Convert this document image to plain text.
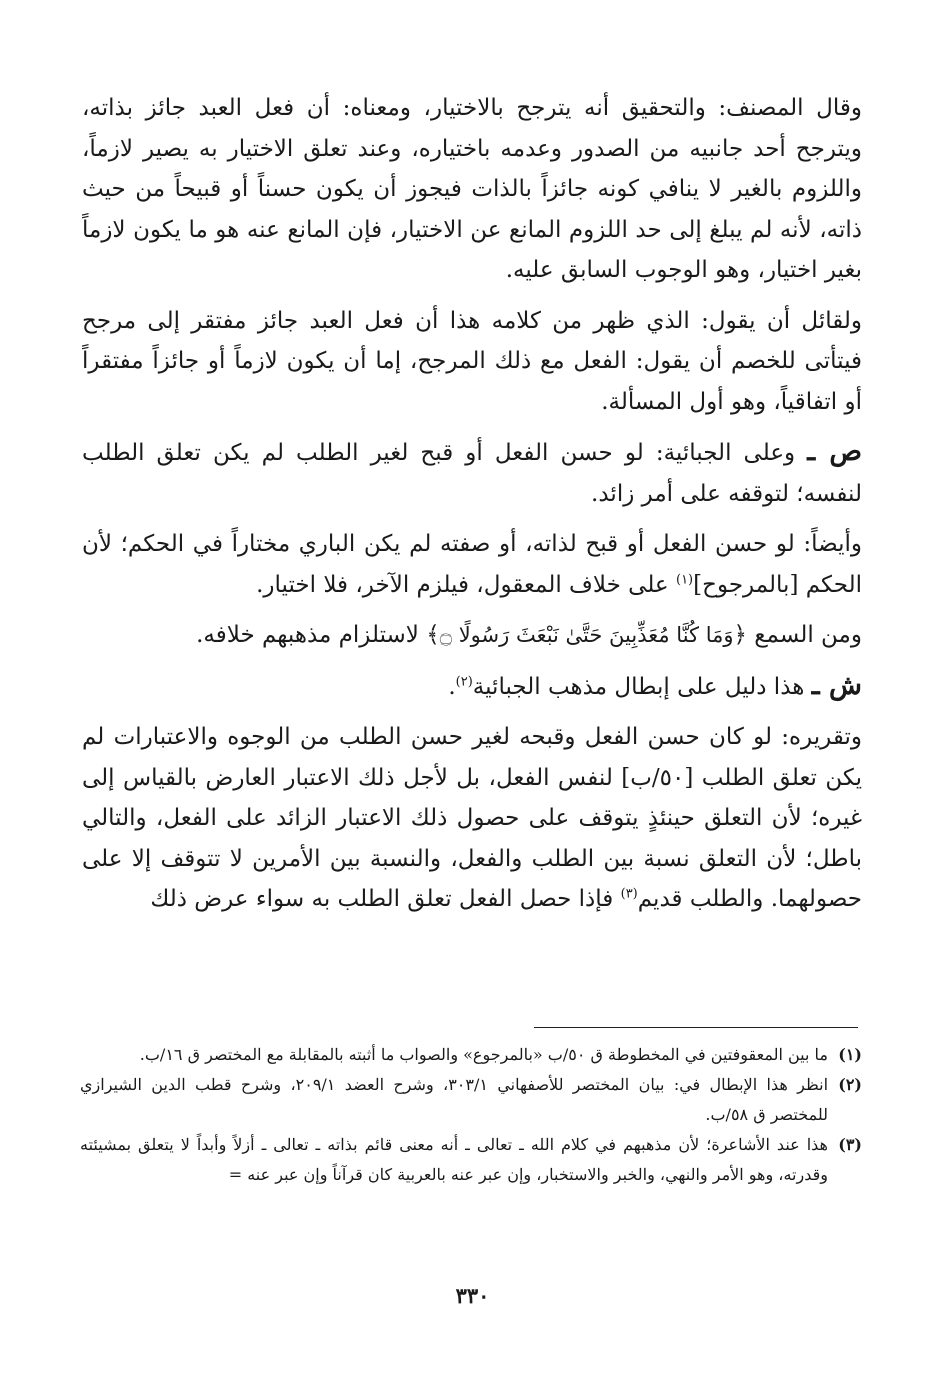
وقال المصنف: والتحقيق أنه يترجح بالاختيار، ومعناه: أن فعل العبد جائز بذاته، ويترجح أحد جانبيه من الصدور وعدمه باختياره، وعند تعلق الاختيار به يصير لازماً، واللزوم بالغير لا ينافي كونه جائزاً بالذات فيجوز أن يكون حسناً أو قبيحاً من حيث ذاته، لأنه لم يبلغ إلى حد اللزوم المانع عن الاختيار، فإن المانع عنه هو ما يكون لازماً بغير اختيار، وهو الوجوب السابق عليه.

ولقائل أن يقول: الذي ظهر من كلامه هذا أن فعل العبد جائز مفتقر إلى مرجح فيتأتى للخصم أن يقول: الفعل مع ذلك المرجح، إما أن يكون لازماً أو جائزاً مفتقراً أو اتفاقياً، وهو أول المسألة.

ص ـ وعلى الجبائية: لو حسن الفعل أو قبح لغير الطلب لم يكن تعلق الطلب لنفسه؛ لتوقفه على أمر زائد.

وأيضاً: لو حسن الفعل أو قبح لذاته، أو صفته لم يكن الباري مختاراً في الحكم؛ لأن الحكم [بالمرجوح]$^{(١)}$ على خلاف المعقول، فيلزم الآخر، فلا اختيار.

ومن السمع ﴿وَمَا كُنَّا مُعَذِّبِينَ حَتَّىٰ نَبْعَثَ رَسُولًا ۝﴾ لاستلزام مذهبهم خلافه.

ش ـ هذا دليل على إبطال مذهب الجبائية$^{(٢)}$.

وتقريره: لو كان حسن الفعل وقبحه لغير حسن الطلب من الوجوه والاعتبارات لم يكن تعلق الطلب [٥٠/ب] لنفس الفعل، بل لأجل ذلك الاعتبار العارض بالقياس إلى غيره؛ لأن التعلق حينئذٍ يتوقف على حصول ذلك الاعتبار الزائد على الفعل، والتالي باطل؛ لأن التعلق نسبة بين الطلب والفعل، والنسبة بين الأمرين لا تتوقف إلا على حصولهما. والطلب قديم$^{(٣)}$ فإذا حصل الفعل تعلق الطلب به سواء عرض ذلك

(١)
ما بين المعقوفتين في المخطوطة ق ٥٠/ب «بالمرجوع» والصواب ما أثبته بالمقابلة مع المختصر ق ١٦/ب.
(٢)
انظر هذا الإبطال في: بيان المختصر للأصفهاني ٣٠٣/١، وشرح العضد ٢٠٩/١، وشرح قطب الدين الشيرازي للمختصر ق ٥٨/ب.
(٣)
هذا عند الأشاعرة؛ لأن مذهبهم في كلام الله ـ تعالى ـ أنه معنى قائم بذاته ـ تعالى ـ أزلاً وأبداً لا يتعلق بمشيئته وقدرته، وهو الأمر والنهي، والخبر والاستخبار، وإن عبر عنه بالعربية كان قرآناً وإن عبر عنه =
٣٣٠
